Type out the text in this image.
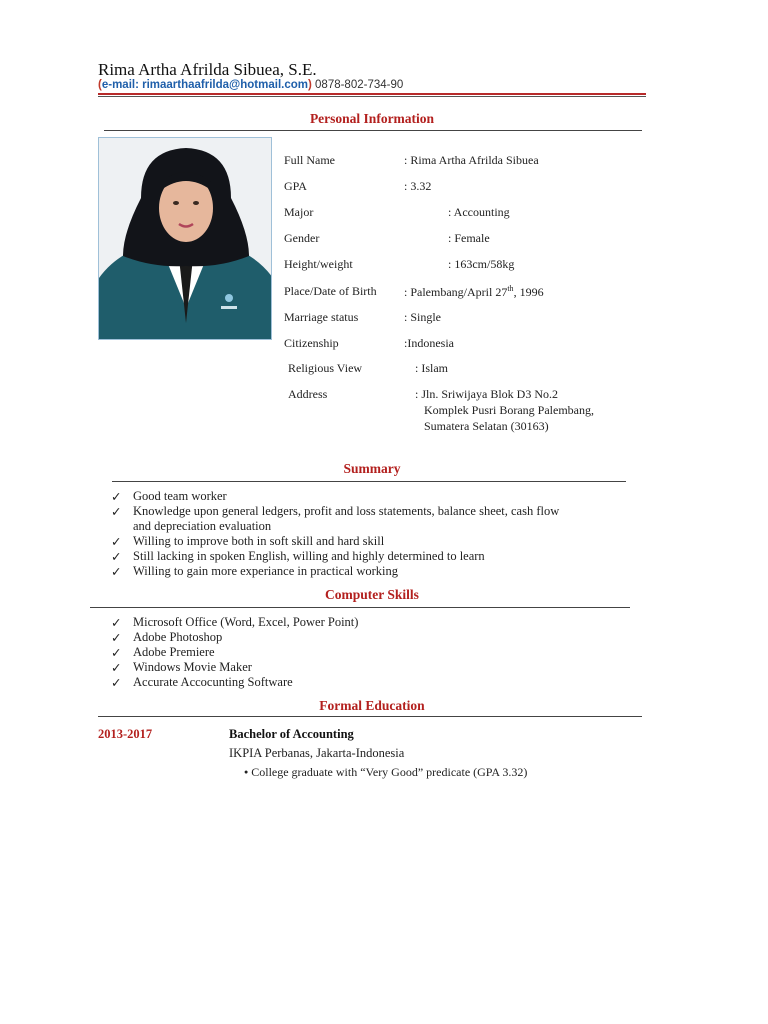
Rima Artha Afrilda Sibuea, S.E.
(e-mail: rimaarthaafrilda@hotmail.com) 0878-802-734-90
Personal Information
Full Name	: Rima Artha Afrilda Sibuea
GPA	: 3.32
Major	: Accounting
Gender	: Female
Height/weight	: 163cm/58kg
Place/Date of Birth : Palembang/April 27th, 1996
Marriage status	: Single
Citizenship	:Indonesia
Religious View	: Islam
Address	: Jln. Sriwijaya Blok D3 No.2
Komplek Pusri Borang Palembang,
Sumatera Selatan (30163)
Summary
✓ Good team worker
✓ Knowledge upon general ledgers, profit and loss statements, balance sheet, cash flow
and depreciation evaluation
✓ Willing to improve both in soft skill and hard skill
✓ Still lacking in spoken English, willing and highly determined to learn
✓ Willing to gain more experiance in practical working
Computer Skills
✓ Microsoft Office (Word, Excel, Power Point)
✓ Adobe Photoshop
✓ Adobe Premiere
✓ Windows Movie Maker
✓ Accurate Accocunting Software
Formal Education
2013-2017	Bachelor of Accounting
IKPIA Perbanas, Jakarta-Indonesia
● College graduate with “Very Good” predicate (GPA 3.32)
